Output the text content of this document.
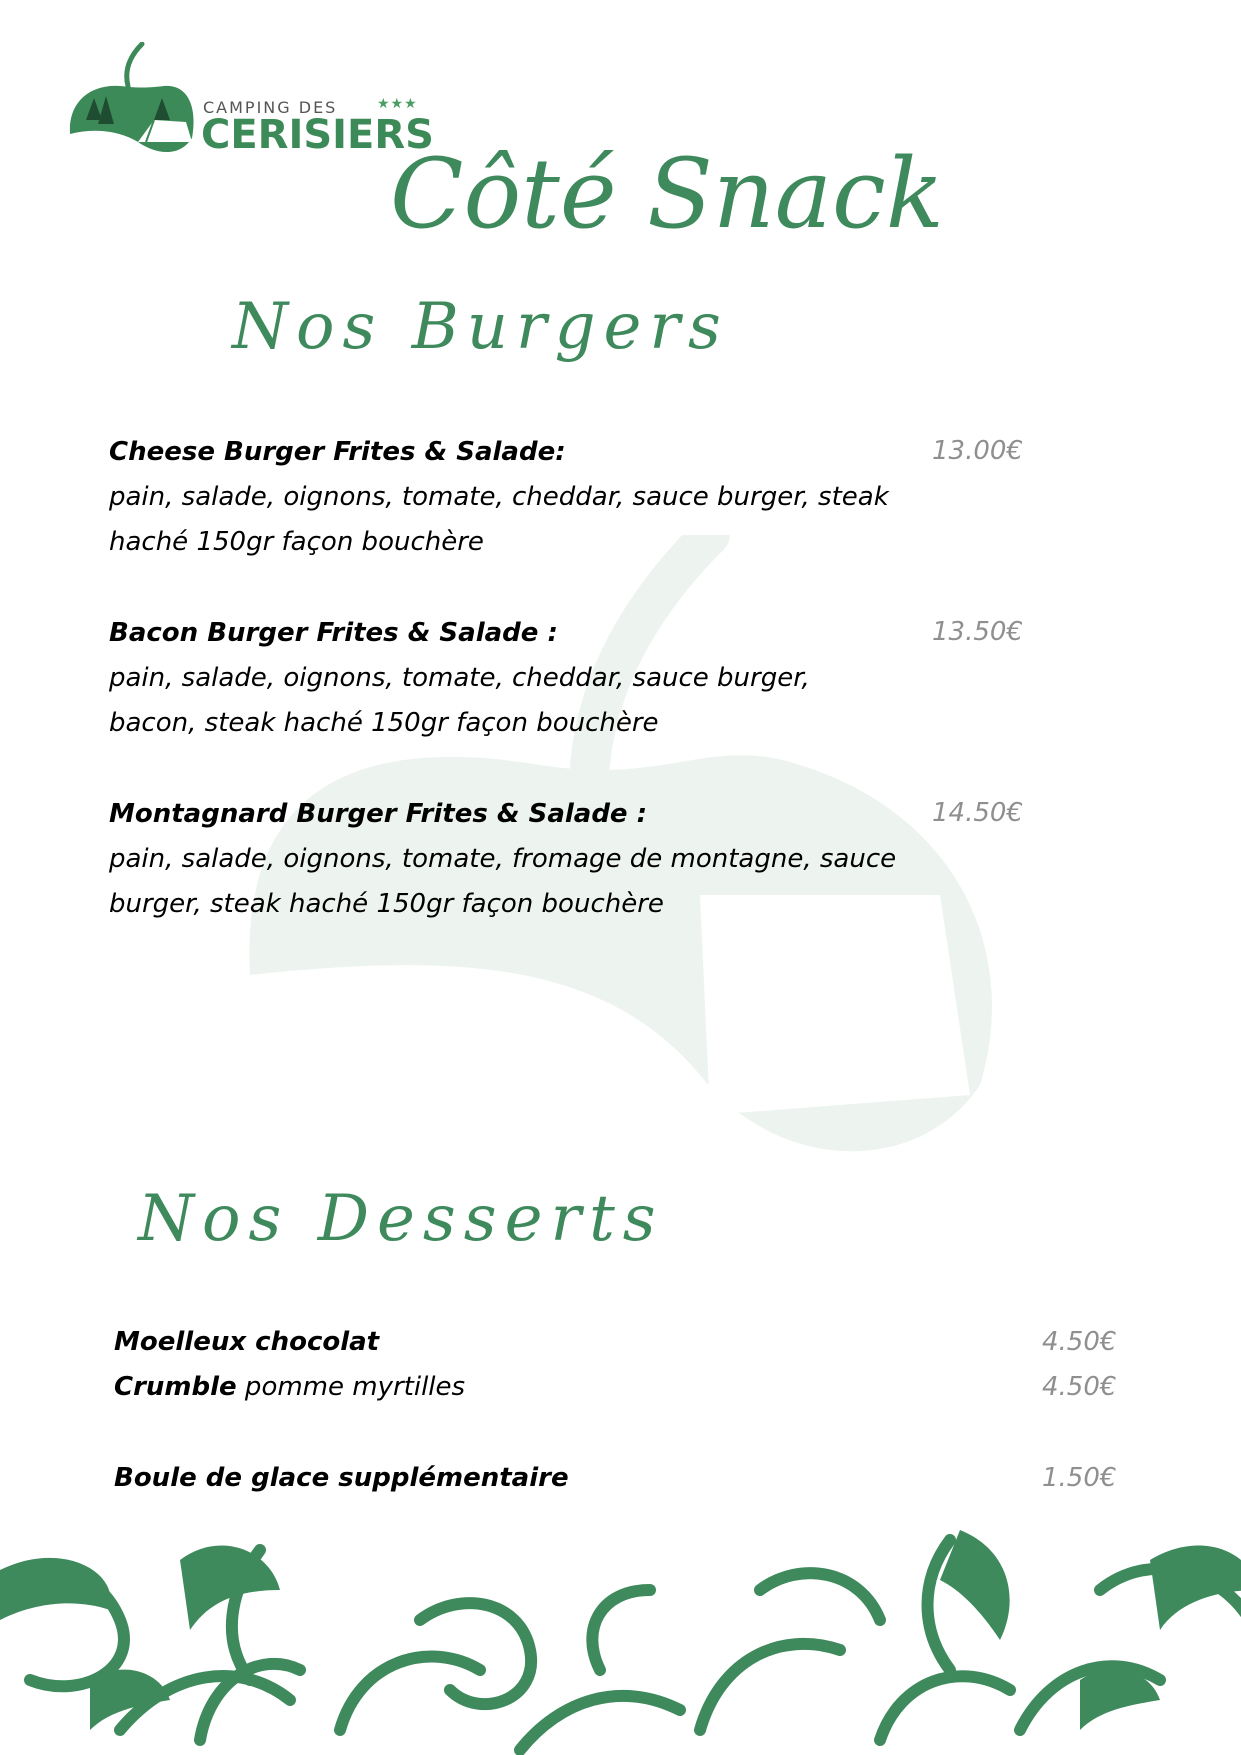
CAMPING DES	★★★
CERISIERS
Côté Snack
Nos Burgers
Cheese Burger Frites & Salade:
pain, salade, oignons, tomate, cheddar, sauce burger, steak haché 150gr façon bouchère
13.00€
Bacon Burger Frites & Salade :
pain, salade, oignons, tomate, cheddar, sauce burger, bacon, steak haché 150gr façon bouchère
13.50€
Montagnard Burger Frites & Salade :
pain, salade, oignons, tomate, fromage de montagne, sauce burger, steak haché 150gr façon bouchère
14.50€
Nos Desserts
Moelleux chocolat	4.50€
Crumble pomme myrtilles	4.50€
Boule de glace supplémentaire	1.50€
